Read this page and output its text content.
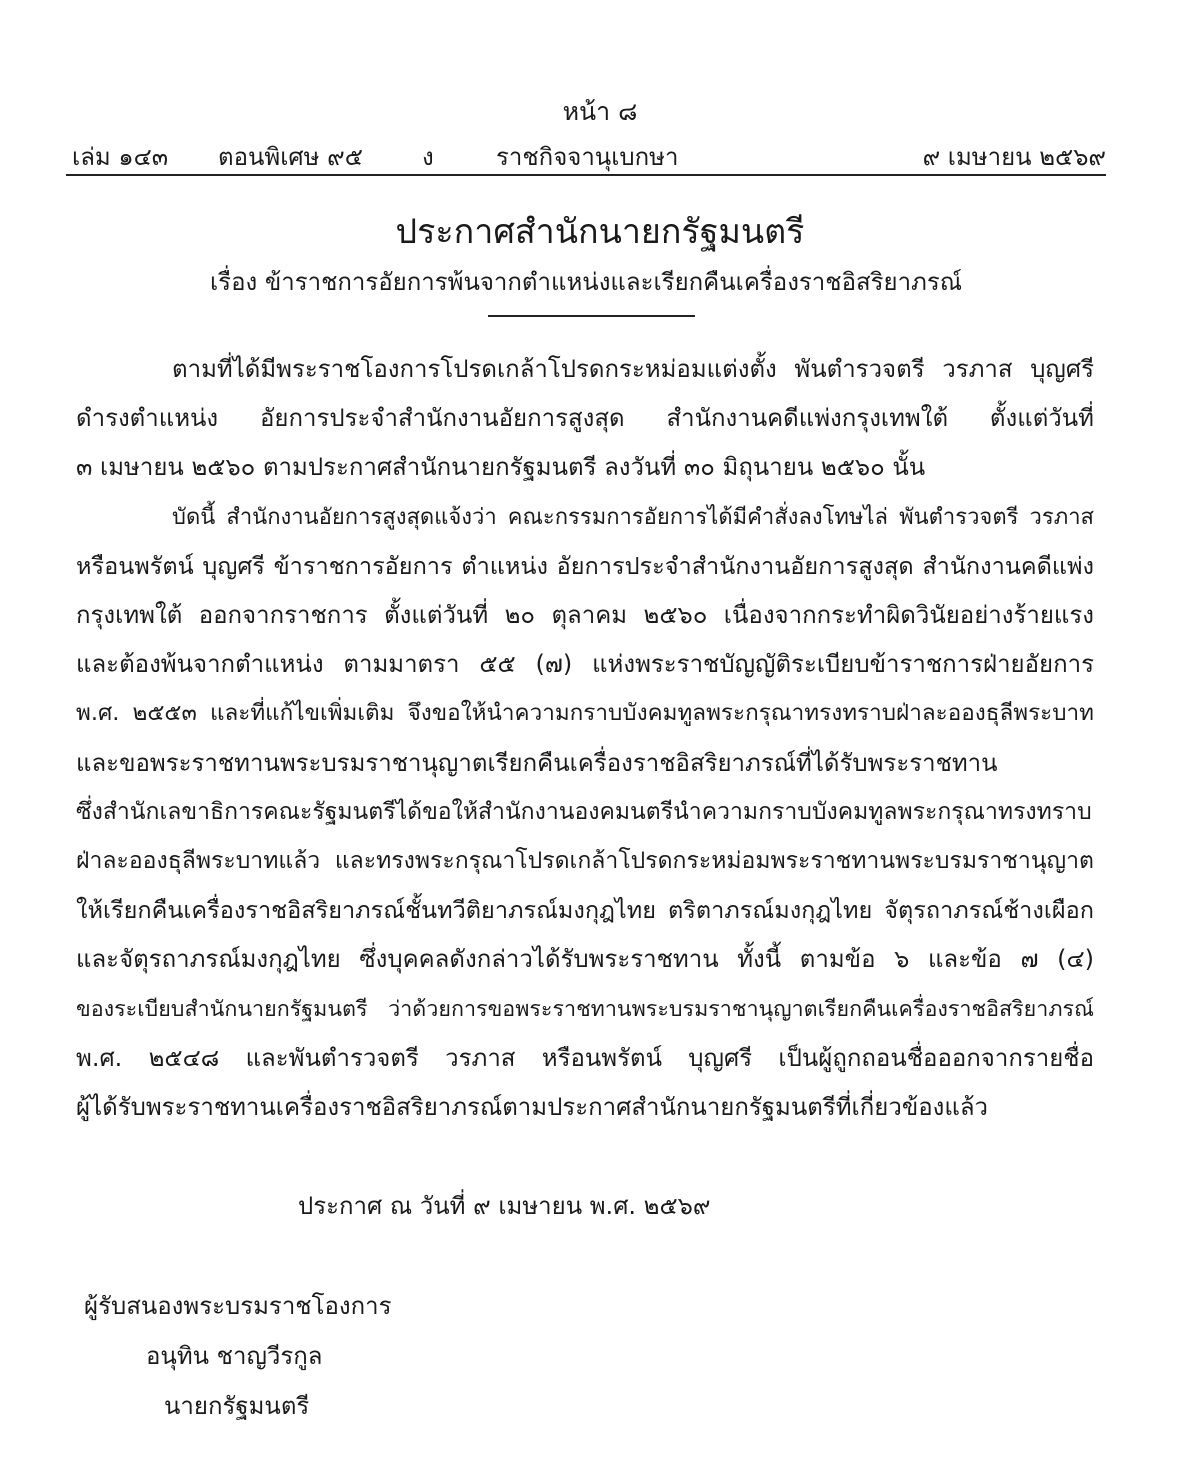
หน้า ๘
เล่ม ๑๔๓ ตอนพิเศษ ๙๕ ง	ราชกิจจานุเบกษา	๙ เมษายน ๒๕๖๙
ประกาศสำนักนายกรัฐมนตรี
เรื่อง ข้าราชการอัยการพ้นจากตำแหน่งและเรียกคืนเครื่องราชอิสริยาภรณ์
ตามที่ได้มีพระราชโองการโปรดเกล้าโปรดกระหม่อมแต่งตั้ง พันตำรวจตรี วรภาส บุญศรี
ดำรงตำแหน่ง อัยการประจำสำนักงานอัยการสูงสุด สำนักงานคดีแพ่งกรุงเทพใต้ ตั้งแต่วันที่
๓ เมษายน ๒๕๖๐ ตามประกาศสำนักนายกรัฐมนตรี ลงวันที่ ๓๐ มิถุนายน ๒๕๖๐ นั้น
บัดนี้ สำนักงานอัยการสูงสุดแจ้งว่า คณะกรรมการอัยการได้มีคำสั่งลงโทษไล่ พันตำรวจตรี วรภาส
หรือนพรัตน์ บุญศรี ข้าราชการอัยการ ตำแหน่ง อัยการประจำสำนักงานอัยการสูงสุด สำนักงานคดีแพ่ง
กรุงเทพใต้ ออกจากราชการ ตั้งแต่วันที่ ๒๐ ตุลาคม ๒๕๖๐ เนื่องจากกระทำผิดวินัยอย่างร้ายแรง
และต้องพ้นจากตำแหน่ง ตามมาตรา ๕๕ (๗) แห่งพระราชบัญญัติระเบียบข้าราชการฝ่ายอัยการ
พ.ศ. ๒๕๕๓ และที่แก้ไขเพิ่มเติม จึงขอให้นำความกราบบังคมทูลพระกรุณาทรงทราบฝ่าละอองธุลีพระบาท
และขอพระราชทานพระบรมราชานุญาตเรียกคืนเครื่องราชอิสริยาภรณ์ที่ได้รับพระราชทาน
ซึ่งสำนักเลขาธิการคณะรัฐมนตรีได้ขอให้สำนักงานองคมนตรีนำความกราบบังคมทูลพระกรุณาทรงทราบ
ฝ่าละอองธุลีพระบาทแล้ว และทรงพระกรุณาโปรดเกล้าโปรดกระหม่อมพระราชทานพระบรมราชานุญาต
ให้เรียกคืนเครื่องราชอิสริยาภรณ์ชั้นทวีติยาภรณ์มงกุฎไทย ตริตาภรณ์มงกุฎไทย จัตุรถาภรณ์ช้างเผือก
และจัตุรถาภรณ์มงกุฎไทย ซึ่งบุคคลดังกล่าวได้รับพระราชทาน ทั้งนี้ ตามข้อ ๖ และข้อ ๗ (๔)
ของระเบียบสำนักนายกรัฐมนตรี ว่าด้วยการขอพระราชทานพระบรมราชานุญาตเรียกคืนเครื่องราชอิสริยาภรณ์
พ.ศ. ๒๕๔๘ และพันตำรวจตรี วรภาส หรือนพรัตน์ บุญศรี เป็นผู้ถูกถอนชื่อออกจากรายชื่อ
ผู้ได้รับพระราชทานเครื่องราชอิสริยาภรณ์ตามประกาศสำนักนายกรัฐมนตรีที่เกี่ยวข้องแล้ว
ประกาศ ณ วันที่ ๙ เมษายน พ.ศ. ๒๕๖๙
ผู้รับสนองพระบรมราชโองการ
อนุทิน ชาญวีรกูล
นายกรัฐมนตรี
